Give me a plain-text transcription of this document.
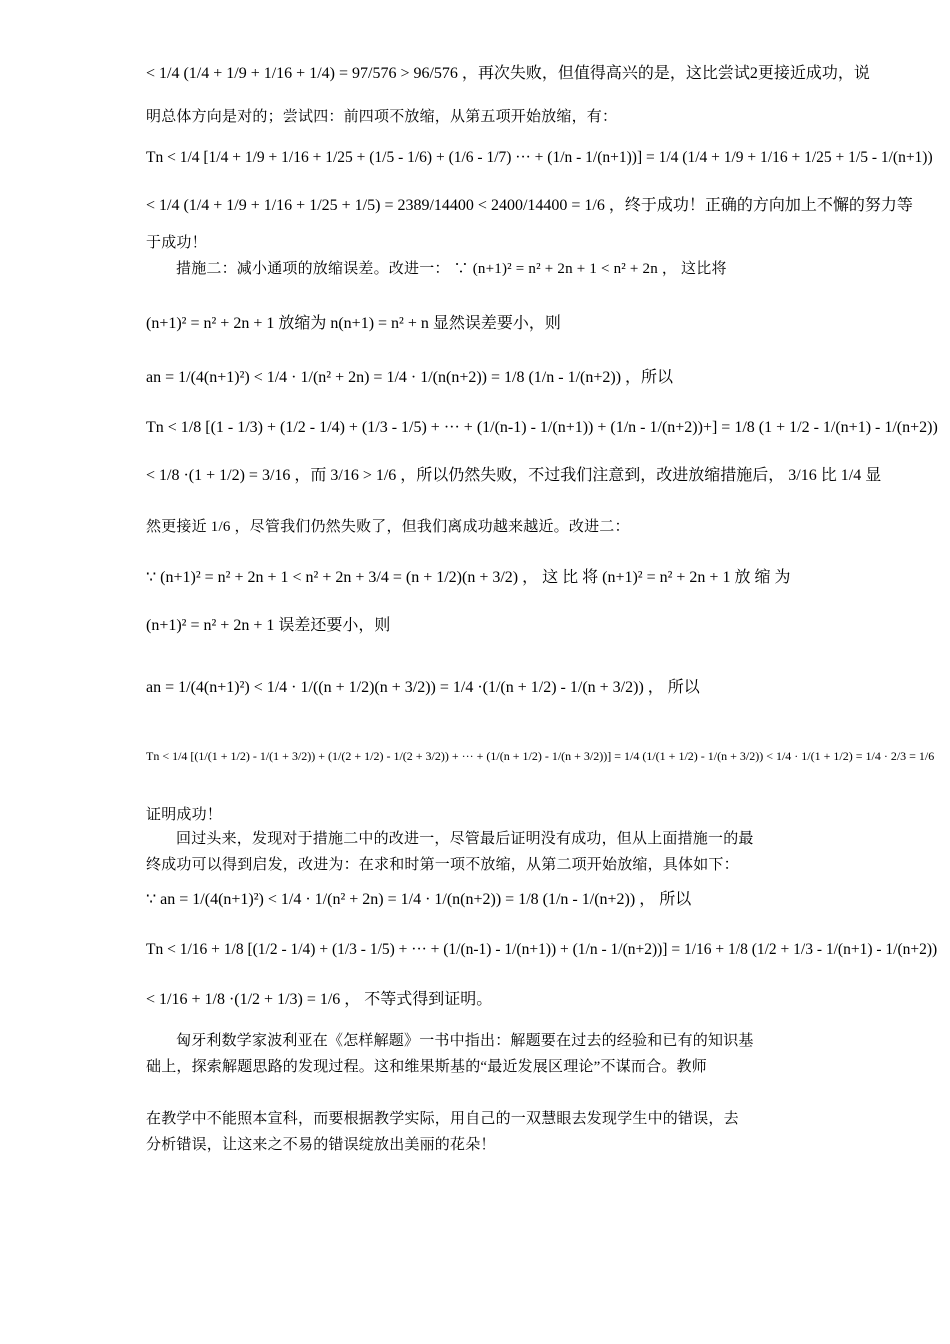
< 1/4 (1/4 + 1/9 + 1/16 + 1/4) = 97/576 > 96/576 ，再次失败，但值得高兴的是，这比尝试2更接近成功，说
明总体方向是对的；尝试四：前四项不放缩，从第五项开始放缩，有：
Tn < 1/4 [1/4 + 1/9 + 1/16 + 1/25 + (1/5 - 1/6) + (1/6 - 1/7) ··· + (1/n - 1/(n+1))] = 1/4 (1/4 + 1/9 + 1/16 + 1/25 + 1/5 - 1/(n+1))
< 1/4 (1/4 + 1/9 + 1/16 + 1/25 + 1/5) = 2389/14400 < 2400/14400 = 1/6 ，终于成功！正确的方向加上不懈的努力等
于成功！
措施二：减小通项的放缩误差。改进一： ∵ (n+1)² = n² + 2n + 1 < n² + 2n ， 这比将
(n+1)² = n² + 2n + 1 放缩为 n(n+1) = n² + n 显然误差要小，则
an = 1/(4(n+1)²) < 1/4 · 1/(n² + 2n) = 1/4 · 1/(n(n+2)) = 1/8 (1/n - 1/(n+2)) ，所以
Tn < 1/8 [(1 - 1/3) + (1/2 - 1/4) + (1/3 - 1/5) + ··· + (1/(n-1) - 1/(n+1)) + (1/n - 1/(n+2))+] = 1/8 (1 + 1/2 - 1/(n+1) - 1/(n+2))
< 1/8 ·(1 + 1/2) = 3/16 ，而 3/16 > 1/6 ，所以仍然失败，不过我们注意到，改进放缩措施后， 3/16 比 1/4 显
然更接近 1/6 ，尽管我们仍然失败了，但我们离成功越来越近。改进二：
∵ (n+1)² = n² + 2n + 1 < n² + 2n + 3/4 = (n + 1/2)(n + 3/2) ， 这 比 将 (n+1)² = n² + 2n + 1 放 缩 为
(n+1)² = n² + 2n + 1 误差还要小，则
an = 1/(4(n+1)²) < 1/4 · 1/((n + 1/2)(n + 3/2)) = 1/4 ·(1/(n + 1/2) - 1/(n + 3/2)) ， 所以
Tn < 1/4 [(1/(1 + 1/2) - 1/(1 + 3/2)) + (1/(2 + 1/2) - 1/(2 + 3/2)) + ··· + (1/(n + 1/2) - 1/(n + 3/2))] = 1/4 (1/(1 + 1/2) - 1/(n + 3/2)) < 1/4 · 1/(1 + 1/2) = 1/4 · 2/3 = 1/6
证明成功！
回过头来，发现对于措施二中的改进一，尽管最后证明没有成功，但从上面措施一的最
终成功可以得到启发，改进为：在求和时第一项不放缩，从第二项开始放缩，具体如下：
∵ an = 1/(4(n+1)²) < 1/4 · 1/(n² + 2n) = 1/4 · 1/(n(n+2)) = 1/8 (1/n - 1/(n+2)) ， 所以
Tn < 1/16 + 1/8 [(1/2 - 1/4) + (1/3 - 1/5) + ··· + (1/(n-1) - 1/(n+1)) + (1/n - 1/(n+2))] = 1/16 + 1/8 (1/2 + 1/3 - 1/(n+1) - 1/(n+2))
< 1/16 + 1/8 ·(1/2 + 1/3) = 1/6 ， 不等式得到证明。
匈牙利数学家波利亚在《怎样解题》一书中指出：解题要在过去的经验和已有的知识基
础上，探索解题思路的发现过程。这和维果斯基的“最近发展区理论”不谋而合。教师
在教学中不能照本宣科，而要根据教学实际，用自己的一双慧眼去发现学生中的错误，去
分析错误，让这来之不易的错误绽放出美丽的花朵！
